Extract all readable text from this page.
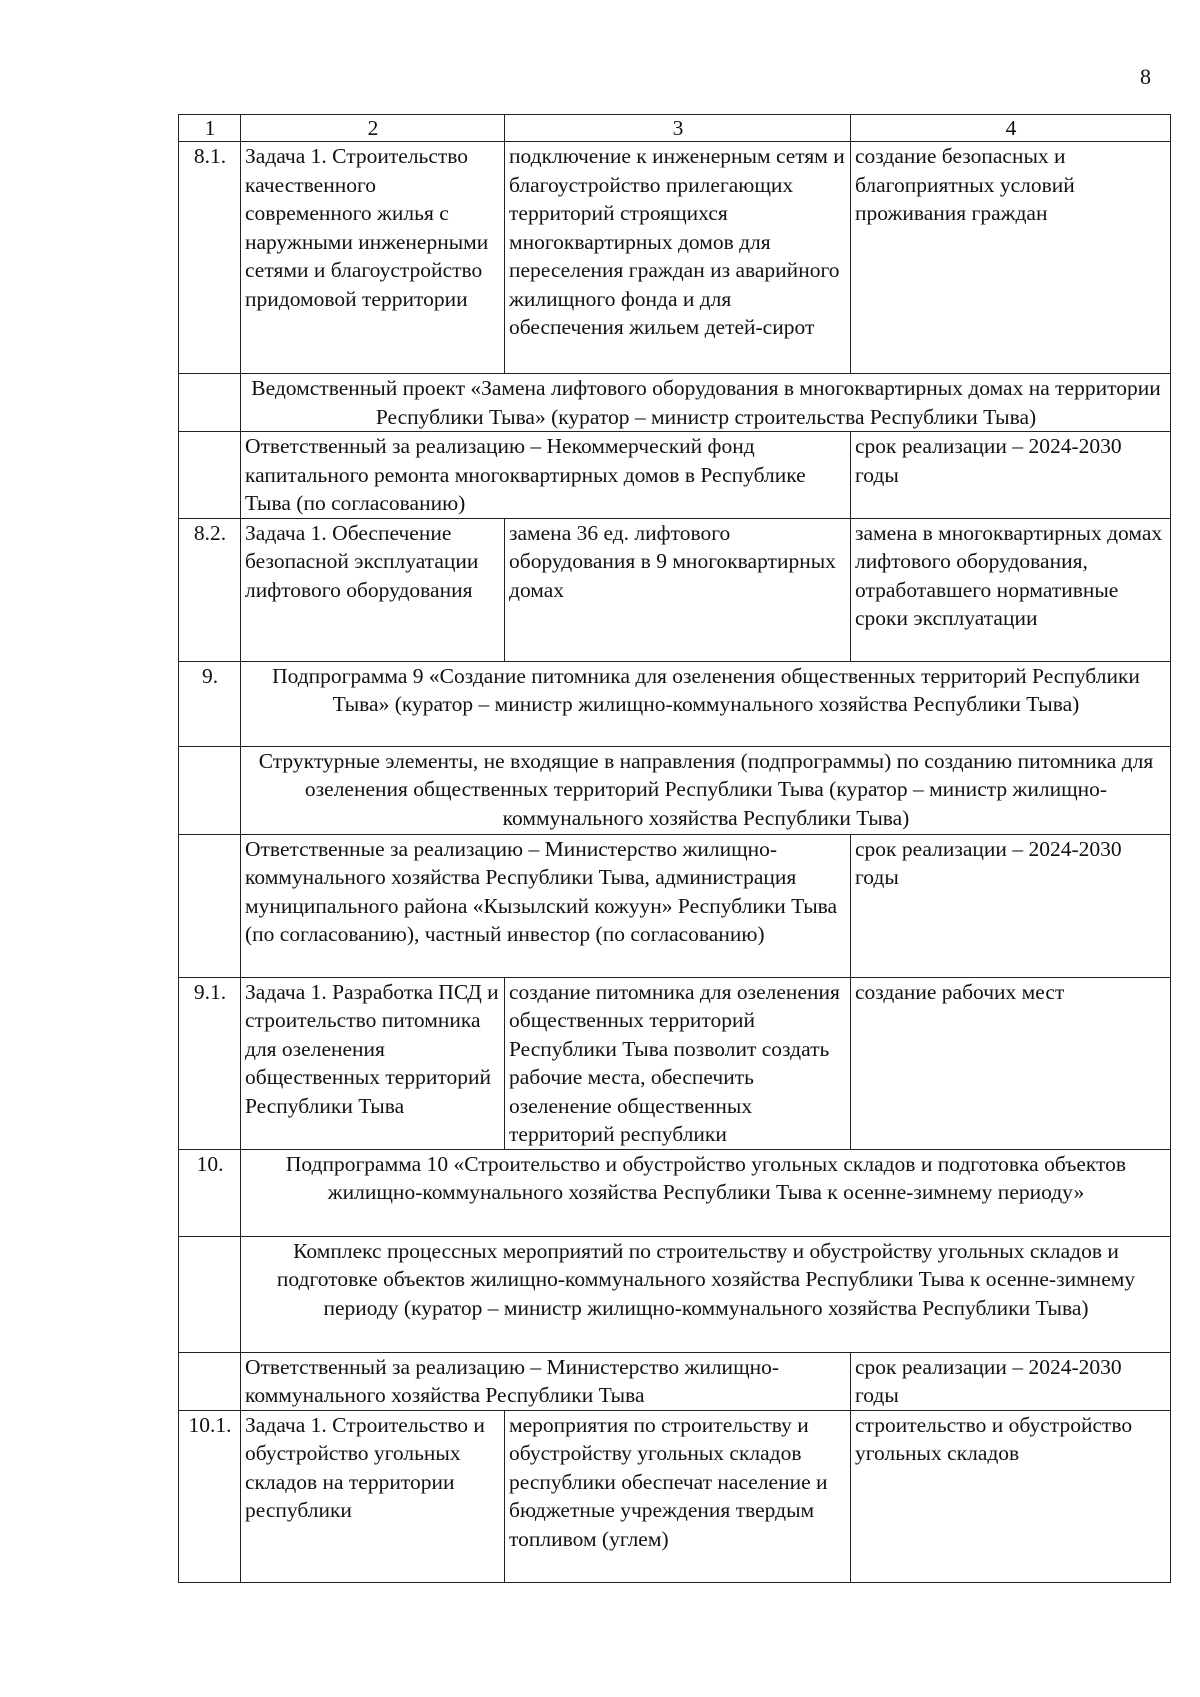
8
1	2	3	4
8.1.	Задача 1. Строительство качественного современного жилья с наружными инженерными сетями и благоустройство придомовой территории	подключение к инженерным сетям и благоустройство прилегающих территорий строящихся многоквартирных домов для переселения граждан из аварийного жилищного фонда и для обеспечения жильем детей-сирот	создание безопасных и благоприятных условий проживания граждан
	Ведомственный проект «Замена лифтового оборудования в многоквартирных домах на территории Республики Тыва» (куратор – министр строительства Республики Тыва)		
	Ответственный за реализацию – Некоммерческий фонд капитального ремонта многоквартирных домов в Республике Тыва (по согласованию)		срок реализации – 2024-2030 годы
8.2.	Задача 1. Обеспечение безопасной эксплуатации лифтового оборудования	замена 36 ед. лифтового оборудования в 9 многоквартирных домах	замена в многоквартирных домах лифтового оборудования, отработавшего нормативные сроки эксплуатации
9.	Подпрограмма 9 «Создание питомника для озеленения общественных территорий Республики Тыва» (куратор – министр жилищно-коммунального хозяйства Республики Тыва)		
	Структурные элементы, не входящие в направления (подпрограммы) по созданию питомника для озеленения общественных территорий Республики Тыва (куратор – министр жилищно-коммунального хозяйства Республики Тыва)		
	Ответственные за реализацию – Министерство жилищно-коммунального хозяйства Республики Тыва, администрация муниципального района «Кызылский кожуун» Республики Тыва (по согласованию), частный инвестор (по согласованию)		срок реализации – 2024-2030 годы
9.1.	Задача 1. Разработка ПСД и строительство питомника для озеленения общественных территорий Республики Тыва	создание питомника для озеленения общественных территорий Республики Тыва позволит создать рабочие места, обеспечить озеленение общественных территорий республики	создание рабочих мест
10.	Подпрограмма 10 «Строительство и обустройство угольных складов и подготовка объектов жилищно-коммунального хозяйства Республики Тыва к осенне-зимнему периоду»		
	Комплекс процессных мероприятий по строительству и обустройству угольных складов и подготовке объектов жилищно-коммунального хозяйства Республики Тыва к осенне-зимнему периоду (куратор – министр жилищно-коммунального хозяйства Республики Тыва)		
	Ответственный за реализацию – Министерство жилищно-коммунального хозяйства Республики Тыва		срок реализации – 2024-2030 годы
10.1.	Задача 1. Строительство и обустройство угольных складов на территории республики	мероприятия по строительству и обустройству угольных складов республики обеспечат население и бюджетные учреждения твердым топливом (углем)	строительство и обустройство угольных складов
